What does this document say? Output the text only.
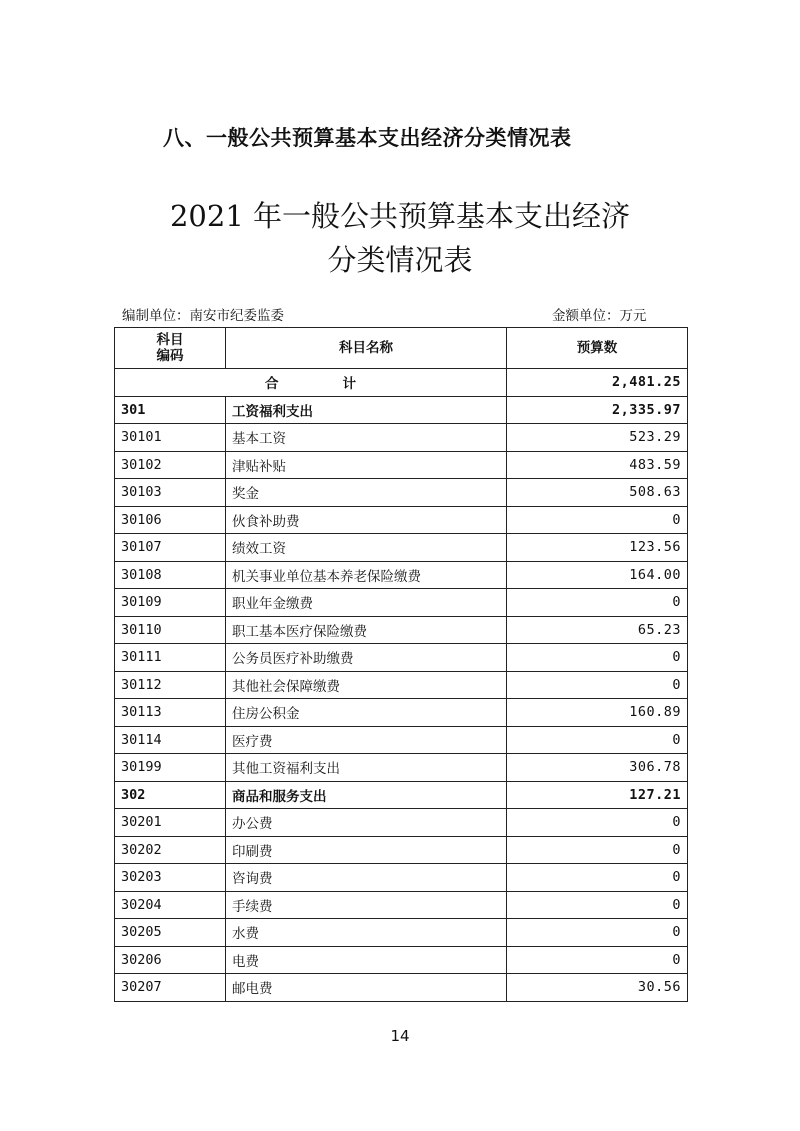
八、一般公共预算基本支出经济分类情况表
2021 年一般公共预算基本支出经济
分类情况表
编制单位：南安市纪委监委	金额单位：万元
科目
编码	科目名称	预算数
合 计		2,481.25
301	工资福利支出	2,335.97
30101	基本工资	523.29
30102	津贴补贴	483.59
30103	奖金	508.63
30106	伙食补助费	0
30107	绩效工资	123.56
30108	机关事业单位基本养老保险缴费	164.00
30109	职业年金缴费	0
30110	职工基本医疗保险缴费	65.23
30111	公务员医疗补助缴费	0
30112	其他社会保障缴费	0
30113	住房公积金	160.89
30114	医疗费	0
30199	其他工资福利支出	306.78
302	商品和服务支出	127.21
30201	办公费	0
30202	印刷费	0
30203	咨询费	0
30204	手续费	0
30205	水费	0
30206	电费	0
30207	邮电费	30.56
14
